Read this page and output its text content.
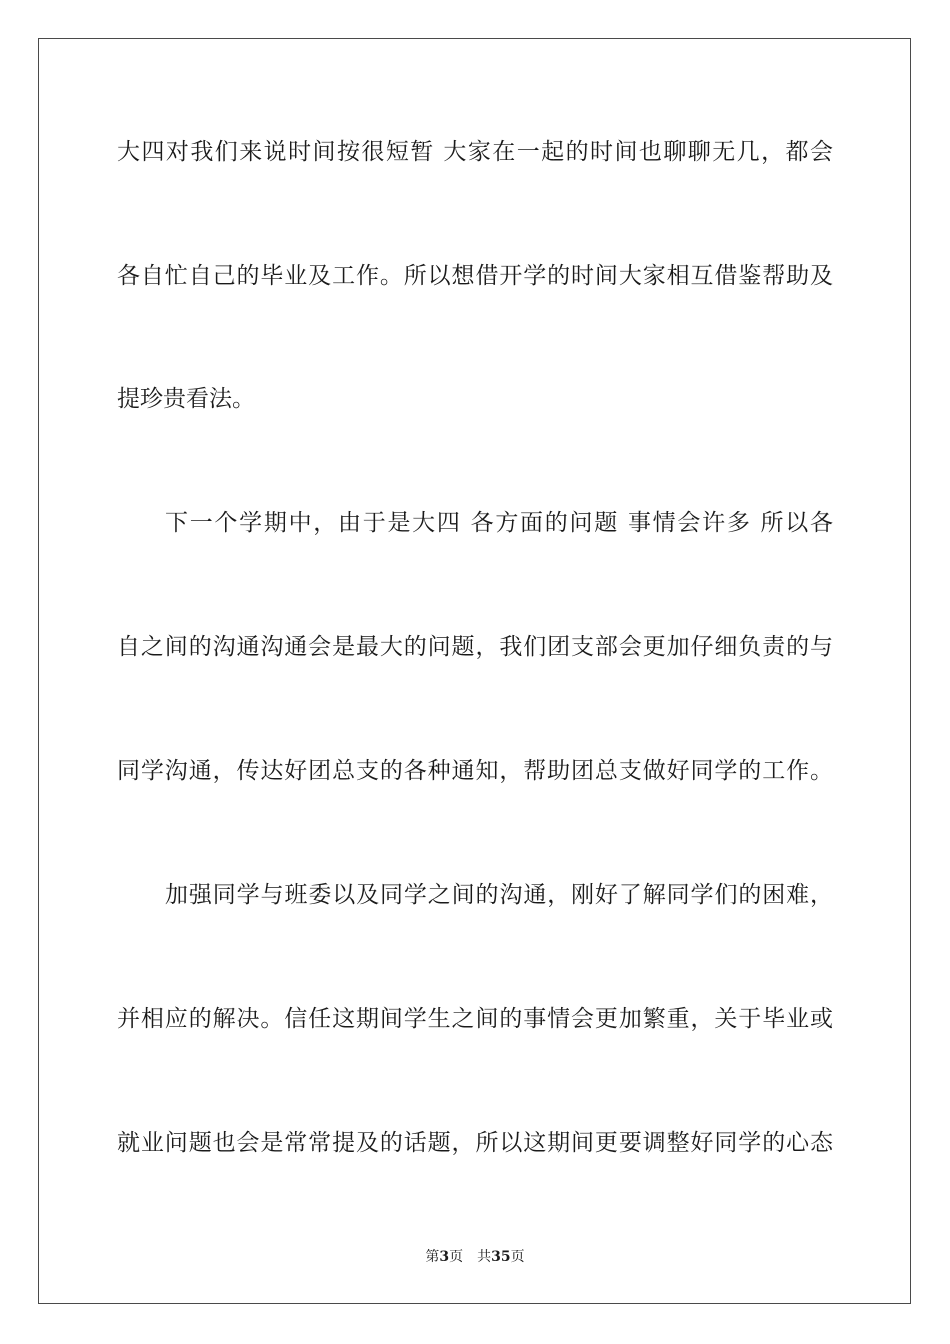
大四对我们来说时间按很短暂 大家在一起的时间也聊聊无几，都会
各自忙自己的毕业及工作。所以想借开学的时间大家相互借鉴帮助及
提珍贵看法。
下一个学期中，由于是大四 各方面的问题 事情会许多 所以各
自之间的沟通沟通会是最大的问题，我们团支部会更加仔细负责的与
同学沟通，传达好团总支的各种通知，帮助团总支做好同学的工作。
加强同学与班委以及同学之间的沟通，刚好了解同学们的困难，
并相应的解决。信任这期间学生之间的事情会更加繁重，关于毕业或
就业问题也会是常常提及的话题，所以这期间更要调整好同学的心态
第3页 共35页
